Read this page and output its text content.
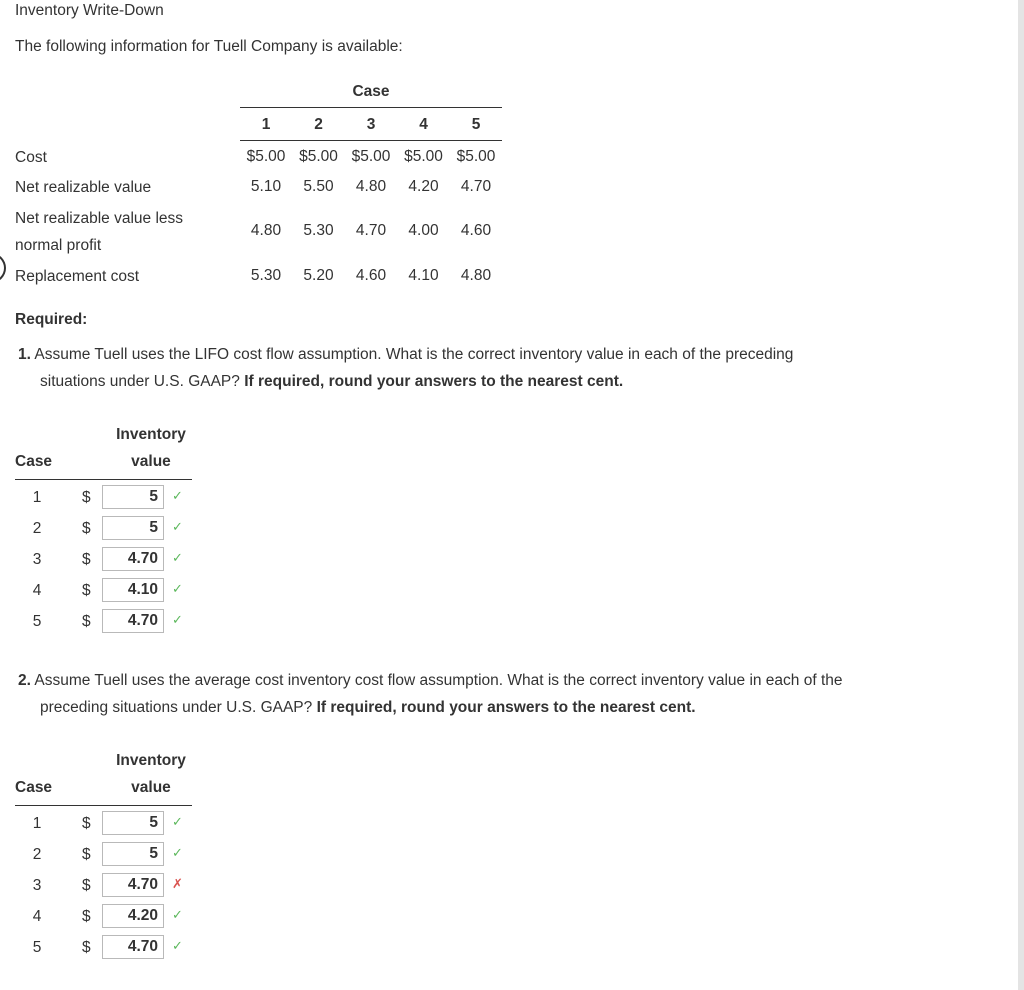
Inventory Write-Down
The following information for Tuell Company is available:
Case
1	2	3	4	5
Cost	$5.00 $5.00 $5.00 $5.00 $5.00
Net realizable value	5.10	5.50	4.80	4.20	4.70
Net realizable value less normal profit
4.80	5.30	4.70	4.00	4.60
Replacement cost	5.30	5.20	4.60	4.10	4.80
Required:
1. Assume Tuell uses the LIFO cost flow assumption. What is the correct inventory value in each of the preceding
situations under U.S. GAAP? If required, round your answers to the nearest cent.
Inventory
Case	value
1	$	5	✓
2	$	5	✓
3	$	4.70	✓
4	$	4.10	✓
5	$	4.70	✓
2. Assume Tuell uses the average cost inventory cost flow assumption. What is the correct inventory value in each of the
preceding situations under U.S. GAAP? If required, round your answers to the nearest cent.
Inventory
Case	value
1	$	5	✓
2	$	5	✓
3	$	4.70	✗
4	$	4.20	✓
5	$	4.70	✓
